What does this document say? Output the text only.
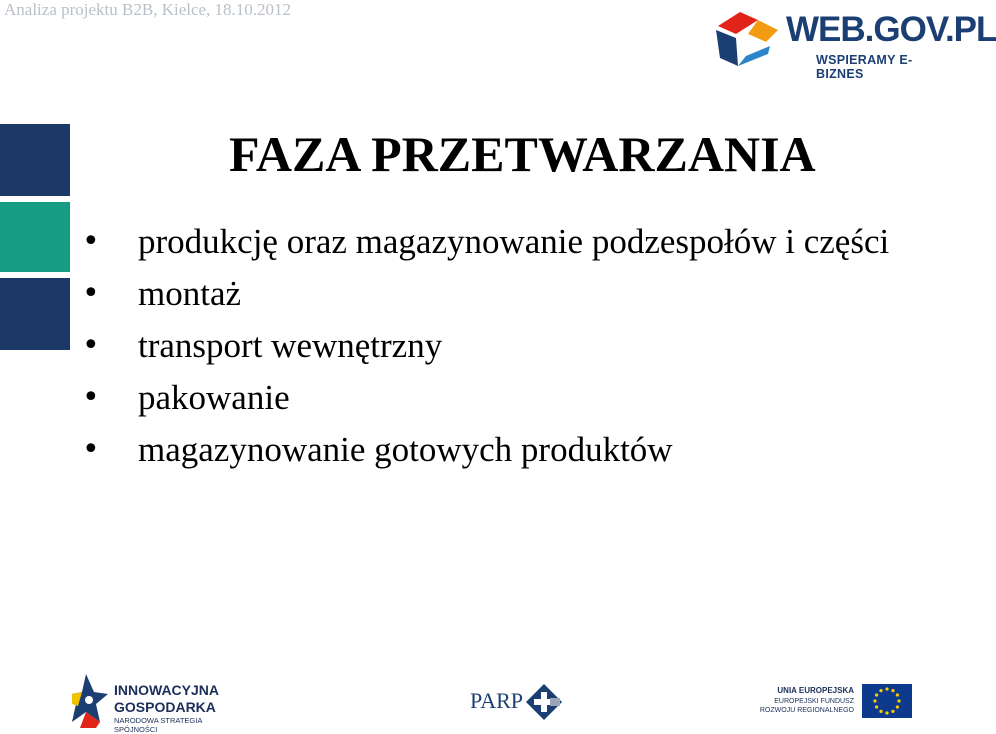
Analiza projektu B2B, Kielce, 18.10.2012
WEB.GOV.PL
WSPIERAMY E-BIZNES
FAZA PRZETWARZANIA
• produkcję oraz magazynowanie podzespołów i części
• montaż
• transport wewnętrzny
• pakowanie
• magazynowanie gotowych produktów
INNOWACYJNA
GOSPODARKA
NARODOWA STRATEGIA SPÓJNOŚCI
PARP	UNIA EUROPEJSKA
EUROPEJSKI FUNDUSZ
ROZWOJU REGIONALNEGO
